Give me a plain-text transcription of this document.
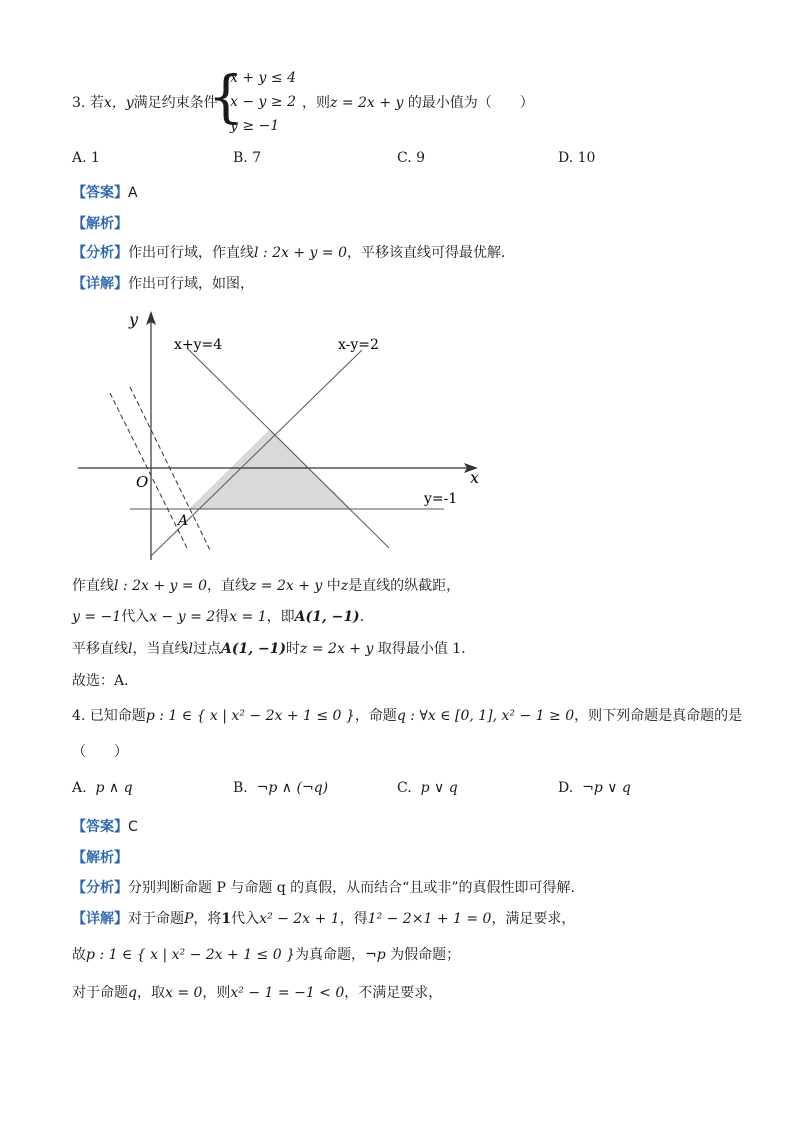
3. 若x，y满足约束条件
{
x + y ≤ 4
x − y ≥ 2
y ≥ −1
，则z = 2x + y 的最小值为（　　）
A. 1	B. 7	C. 9	D. 10
【答案】A
【解析】
【分析】作出可行域，作直线l : 2x + y = 0，平移该直线可得最优解．
【详解】作出可行域，如图，
y
x
O
x+y=4	x-y=2
y=-1
A
作直线l : 2x + y = 0，直线z = 2x + y 中z是直线的纵截距，
y = −1代入x − y = 2得x = 1，即A(1, −1)．
平移直线l，当直线l过点A(1, −1)时z = 2x + y 取得最小值 1．
故选：A．
4. 已知命题p : 1 ∈ { x | x² − 2x + 1 ≤ 0 }，命题q : ∀x ∈ [0, 1], x² − 1 ≥ 0，则下列命题是真命题的是
（　　）
A. p ∧ q	B. ¬p ∧ (¬q)	C. p ∨ q	D. ¬p ∨ q
【答案】C
【解析】
【分析】分别判断命题 P 与命题 q 的真假，从而结合“且或非”的真假性即可得解.
【详解】对于命题P，将1代入x² − 2x + 1，得1² − 2×1 + 1 = 0，满足要求，
故p : 1 ∈ { x | x² − 2x + 1 ≤ 0 }为真命题，¬p 为假命题；
对于命题q，取x = 0，则x² − 1 = −1 < 0，不满足要求，
